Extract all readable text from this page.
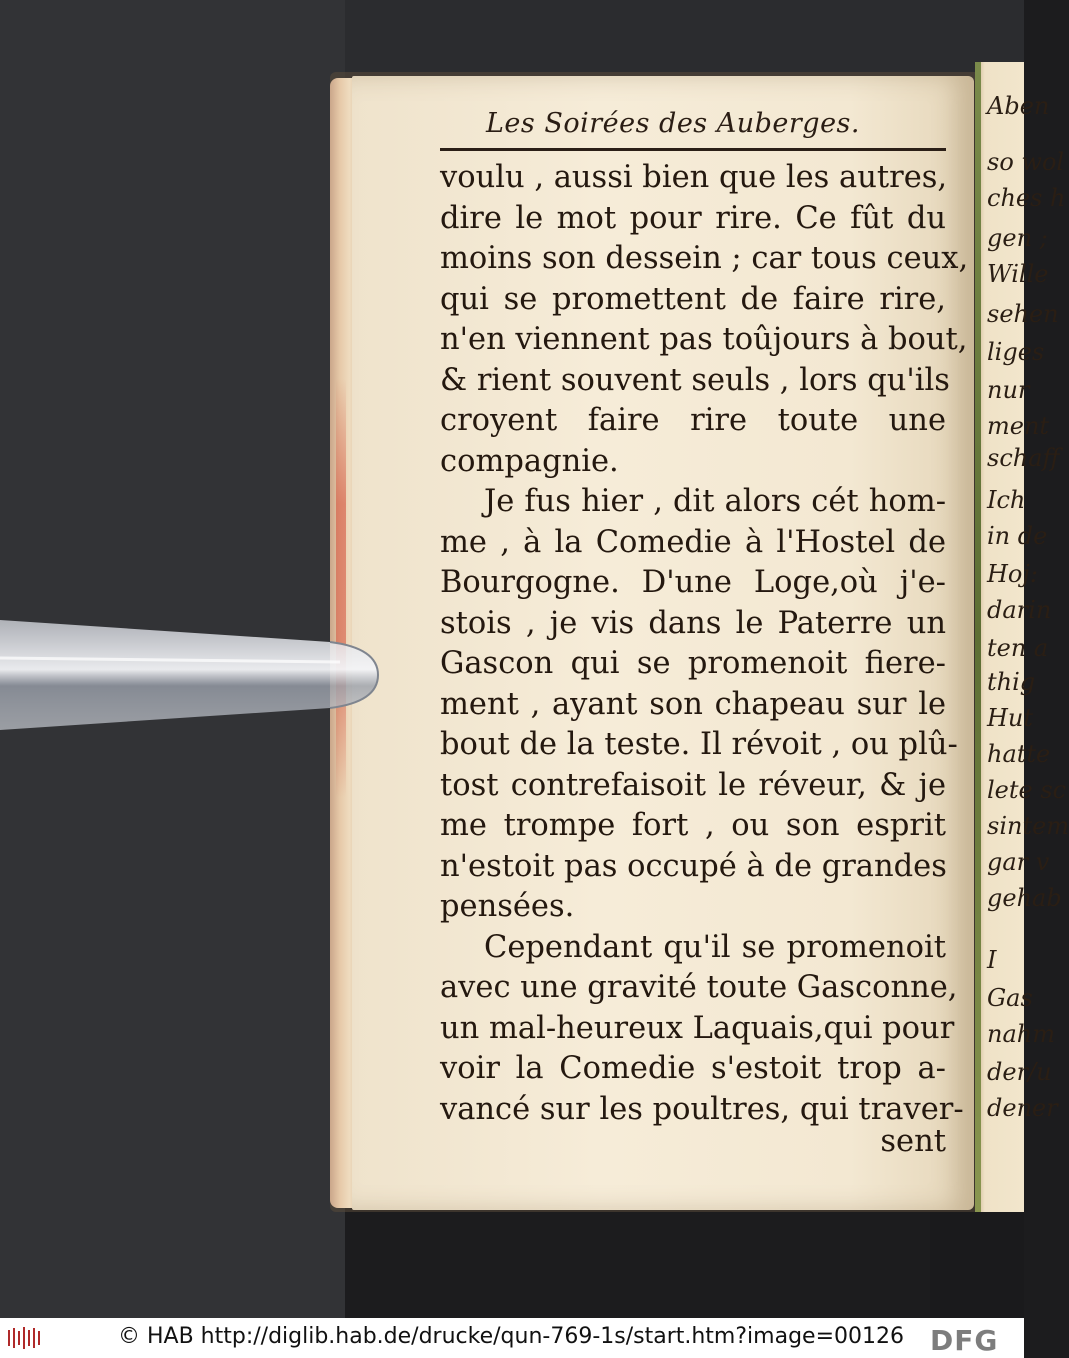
Aben
so wol
ches h
gen ;
Wille
sehen
liges
nur
ment
schaff
Ich
in de
Hoj:
darin
ten a
thig
Hut
hatte
lete sc
sintem
gar v
gehab
I
Gas
nahm
der/u
dener
Les Soirées des Auberges.
voulu , aussi bien que les autres,
dire le mot pour rire. Ce fût du
moins son dessein ; car tous ceux,
qui se promettent de faire rire,
n'en viennent pas toûjours à bout,
& rient souvent seuls , lors qu'ils
croyent faire rire toute une
compagnie.
Je fus hier , dit alors cét hom-
me , à la Comedie à l'Hostel de
Bourgogne. D'une Loge,où j'e-
stois , je vis dans le Paterre un
Gascon qui se promenoit fiere-
ment , ayant son chapeau sur le
bout de la teste. Il révoit , ou plû-
tost contrefaisoit le réveur, & je
me trompe fort , ou son esprit
n'estoit pas occupé à de grandes
pensées.
Cependant qu'il se promenoit
avec une gravité toute Gasconne,
un mal-heureux Laquais,qui pour
voir la Comedie s'estoit trop a-
vancé sur les poultres, qui traver-
sent
© HAB http://diglib.hab.de/drucke/qun-769-1s/start.htm?image=00126 DFG
